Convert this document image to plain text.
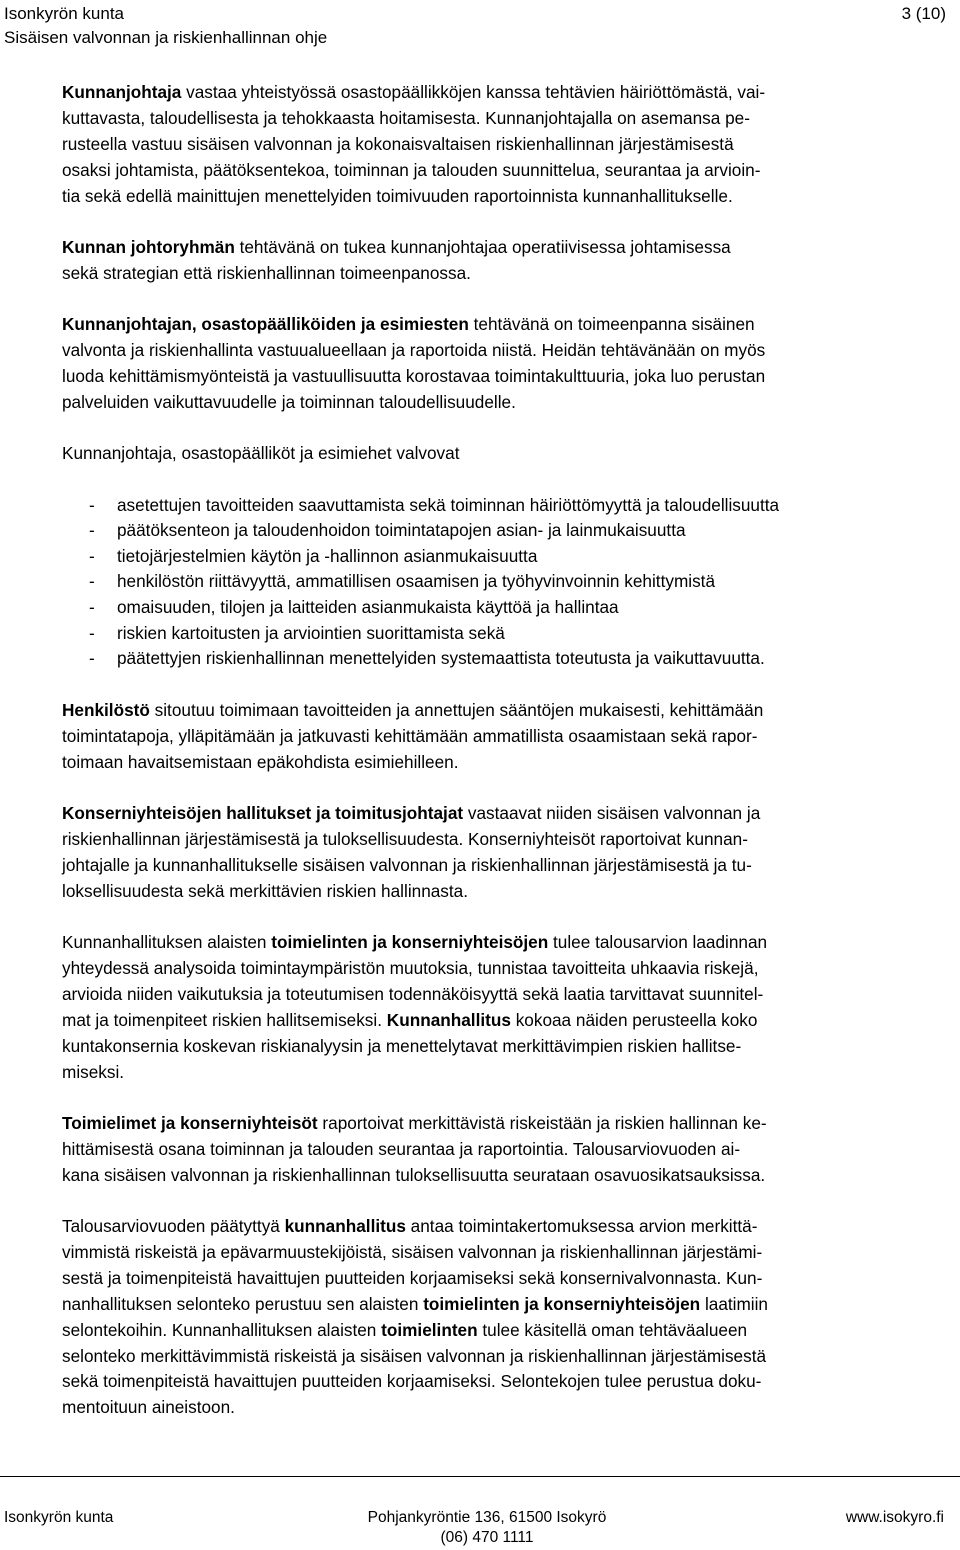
Isonkyrön kunta
Sisäisen valvonnan ja riskienhallinnan ohje
3 (10)
Kunnanjohtaja vastaa yhteistyössä osastopäällikköjen kanssa tehtävien häiriöttömästä, vai-
kuttavasta, taloudellisesta ja tehokkaasta hoitamisesta. Kunnanjohtajalla on asemansa pe-
rusteella vastuu sisäisen valvonnan ja kokonaisvaltaisen riskienhallinnan järjestämisestä
osaksi johtamista, päätöksentekoa, toiminnan ja talouden suunnittelua, seurantaa ja arvioin-
tia sekä edellä mainittujen menettelyiden toimivuuden raportoinnista kunnanhallitukselle.
Kunnan johtoryhmän tehtävänä on tukea kunnanjohtajaa operatiivisessa johtamisessa
sekä strategian että riskienhallinnan toimeenpanossa.
Kunnanjohtajan, osastopäälliköiden ja esimiesten tehtävänä on toimeenpanna sisäinen
valvonta ja riskienhallinta vastuualueellaan ja raportoida niistä. Heidän tehtävänään on myös
luoda kehittämismyönteistä ja vastuullisuutta korostavaa toimintakulttuuria, joka luo perustan
palveluiden vaikuttavuudelle ja toiminnan taloudellisuudelle.
Kunnanjohtaja, osastopäälliköt ja esimiehet valvovat
- asetettujen tavoitteiden saavuttamista sekä toiminnan häiriöttömyyttä ja taloudellisuutta
- päätöksenteon ja taloudenhoidon toimintatapojen asian- ja lainmukaisuutta
- tietojärjestelmien käytön ja -hallinnon asianmukaisuutta
- henkilöstön riittävyyttä, ammatillisen osaamisen ja työhyvinvoinnin kehittymistä
- omaisuuden, tilojen ja laitteiden asianmukaista käyttöä ja hallintaa
- riskien kartoitusten ja arviointien suorittamista sekä
- päätettyjen riskienhallinnan menettelyiden systemaattista toteutusta ja vaikuttavuutta.
Henkilöstö sitoutuu toimimaan tavoitteiden ja annettujen sääntöjen mukaisesti, kehittämään
toimintatapoja, ylläpitämään ja jatkuvasti kehittämään ammatillista osaamistaan sekä rapor-
toimaan havaitsemistaan epäkohdista esimiehilleen.
Konserniyhteisöjen hallitukset ja toimitusjohtajat vastaavat niiden sisäisen valvonnan ja
riskienhallinnan järjestämisestä ja tuloksellisuudesta. Konserniyhteisöt raportoivat kunnan-
johtajalle ja kunnanhallitukselle sisäisen valvonnan ja riskienhallinnan järjestämisestä ja tu-
loksellisuudesta sekä merkittävien riskien hallinnasta.
Kunnanhallituksen alaisten toimielinten ja konserniyhteisöjen tulee talousarvion laadinnan
yhteydessä analysoida toimintaympäristön muutoksia, tunnistaa tavoitteita uhkaavia riskejä,
arvioida niiden vaikutuksia ja toteutumisen todennäköisyyttä sekä laatia tarvittavat suunnitel-
mat ja toimenpiteet riskien hallitsemiseksi. Kunnanhallitus kokoaa näiden perusteella koko
kuntakonsernia koskevan riskianalyysin ja menettelytavat merkittävimpien riskien hallitse-
miseksi.
Toimielimet ja konserniyhteisöt raportoivat merkittävistä riskeistään ja riskien hallinnan ke-
hittämisestä osana toiminnan ja talouden seurantaa ja raportointia. Talousarviovuoden ai-
kana sisäisen valvonnan ja riskienhallinnan tuloksellisuutta seurataan osavuosikatsauksissa.
Talousarviovuoden päätyttyä kunnanhallitus antaa toimintakertomuksessa arvion merkittä-
vimmistä riskeistä ja epävarmuustekijöistä, sisäisen valvonnan ja riskienhallinnan järjestämi-
sestä ja toimenpiteistä havaittujen puutteiden korjaamiseksi sekä konsernivalvonnasta. Kun-
nanhallituksen selonteko perustuu sen alaisten toimielinten ja konserniyhteisöjen laatimiin
selontekoihin. Kunnanhallituksen alaisten toimielinten tulee käsitellä oman tehtäväalueen
selonteko merkittävimmistä riskeistä ja sisäisen valvonnan ja riskienhallinnan järjestämisestä
sekä toimenpiteistä havaittujen puutteiden korjaamiseksi. Selontekojen tulee perustua doku-
mentoituun aineistoon.
Isonkyrön kunta	Pohjankyröntie 136, 61500 Isokyrö
(06) 470 1111
www.isokyro.fi
